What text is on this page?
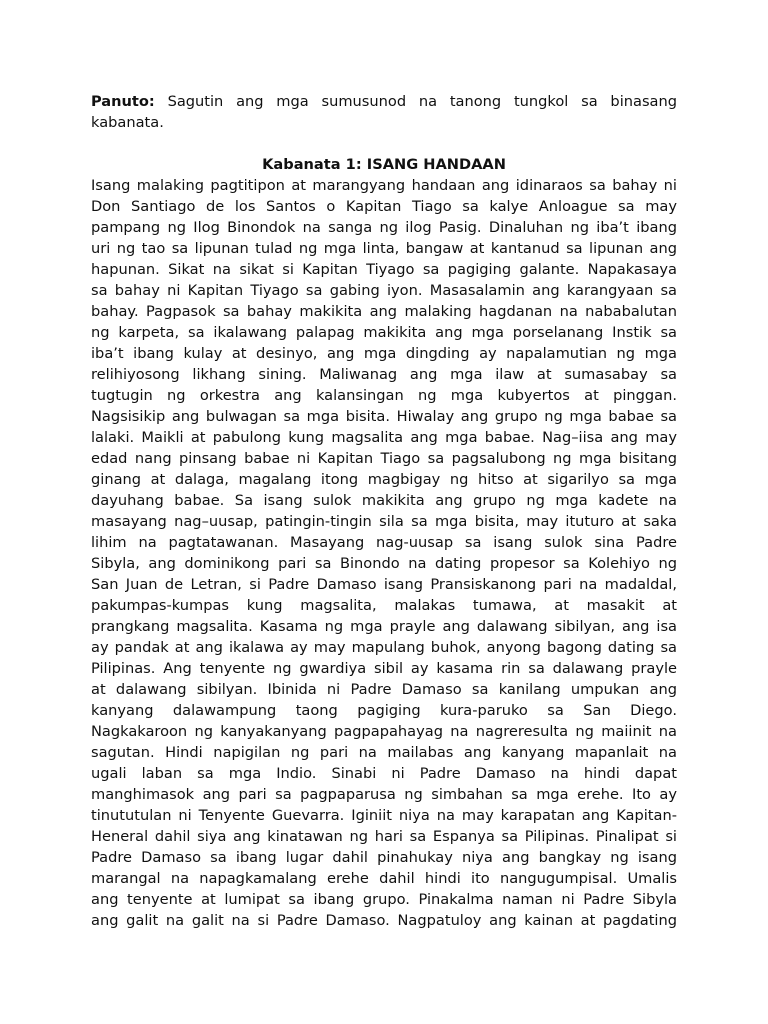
Panuto: Sagutin ang mga sumusunod na tanong tungkol sa binasang kabanata.

Kabanata 1: ISANG HANDAAN
Isang malaking pagtitipon at marangyang handaan ang idinaraos sa bahay ni
Don Santiago de los Santos o Kapitan Tiago sa kalye Anloague sa may
pampang ng Ilog Binondok na sanga ng ilog Pasig. Dinaluhan ng iba’t ibang
uri ng tao sa lipunan tulad ng mga linta, bangaw at kantanud sa lipunan ang
hapunan. Sikat na sikat si Kapitan Tiyago sa pagiging galante. Napakasaya
sa bahay ni Kapitan Tiyago sa gabing iyon. Masasalamin ang karangyaan sa
bahay. Pagpasok sa bahay makikita ang malaking hagdanan na nababalutan
ng karpeta, sa ikalawang palapag makikita ang mga porselanang Instik sa
iba’t ibang kulay at desinyo, ang mga dingding ay napalamutian ng mga
relihiyosong likhang sining. Maliwanag ang mga ilaw at sumasabay sa
tugtugin ng orkestra ang kalansingan ng mga kubyertos at pinggan.
Nagsisikip ang bulwagan sa mga bisita. Hiwalay ang grupo ng mga babae sa
lalaki. Maikli at pabulong kung magsalita ang mga babae. Nag–iisa ang may
edad nang pinsang babae ni Kapitan Tiago sa pagsalubong ng mga bisitang
ginang at dalaga, magalang itong magbigay ng hitso at sigarilyo sa mga
dayuhang babae. Sa isang sulok makikita ang grupo ng mga kadete na
masayang nag–uusap, patingin-tingin sila sa mga bisita, may ituturo at saka
lihim na pagtatawanan. Masayang nag-uusap sa isang sulok sina Padre
Sibyla, ang dominikong pari sa Binondo na dating propesor sa Kolehiyo ng
San Juan de Letran, si Padre Damaso isang Pransiskanong pari na madaldal,
pakumpas-kumpas kung magsalita, malakas tumawa, at masakit at
prangkang magsalita. Kasama ng mga prayle ang dalawang sibilyan, ang isa
ay pandak at ang ikalawa ay may mapulang buhok, anyong bagong dating sa
Pilipinas. Ang tenyente ng gwardiya sibil ay kasama rin sa dalawang prayle
at dalawang sibilyan. Ibinida ni Padre Damaso sa kanilang umpukan ang
kanyang dalawampung taong pagiging kura-paruko sa San Diego.
Nagkakaroon ng kanyakanyang pagpapahayag na nagreresulta ng maiinit na
sagutan. Hindi napigilan ng pari na mailabas ang kanyang mapanlait na
ugali laban sa mga Indio. Sinabi ni Padre Damaso na hindi dapat
manghimasok ang pari sa pagpaparusa ng simbahan sa mga erehe. Ito ay
tinututulan ni Tenyente Guevarra. Iginiit niya na may karapatan ang Kapitan-
Heneral dahil siya ang kinatawan ng hari sa Espanya sa Pilipinas. Pinalipat si
Padre Damaso sa ibang lugar dahil pinahukay niya ang bangkay ng isang
marangal na napagkamalang erehe dahil hindi ito nangugumpisal. Umalis
ang tenyente at lumipat sa ibang grupo. Pinakalma naman ni Padre Sibyla
ang galit na galit na si Padre Damaso. Nagpatuloy ang kainan at pagdating
